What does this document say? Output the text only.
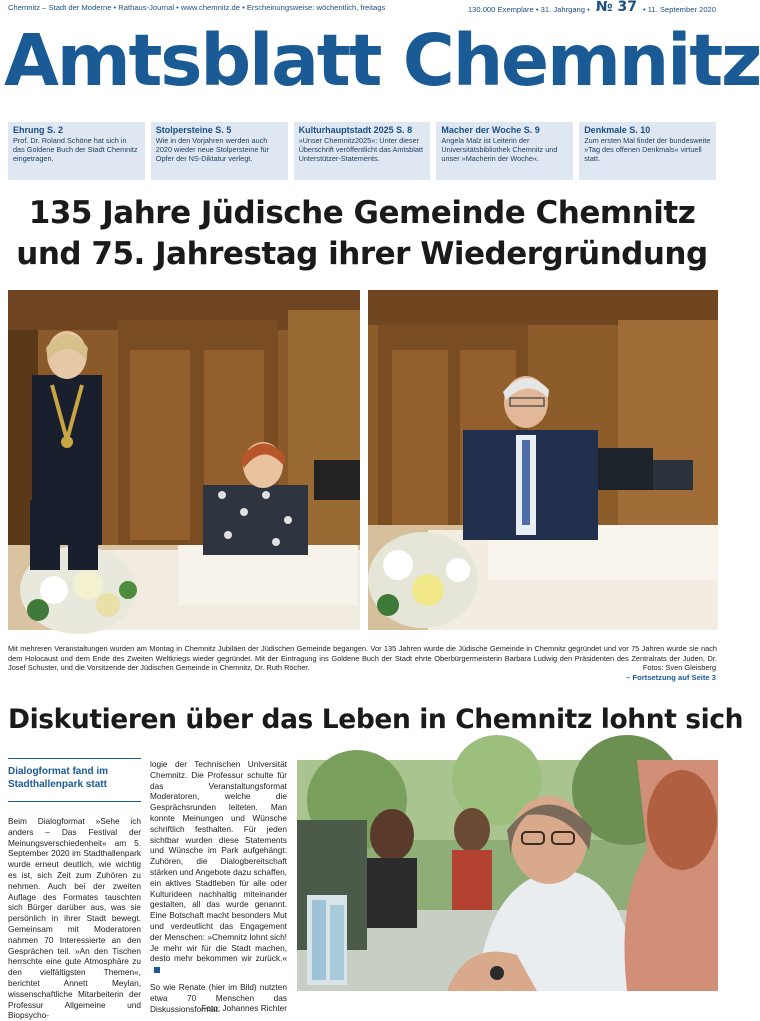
Chemnitz – Stadt der Moderne • Rathaus-Journal • www.chemnitz.de • Erscheinungsweise: wöchentlich, freitags	130.000 Exemplare • 31. Jahrgang • № 37 • 11. September 2020
Amtsblatt Chemnitz
Ehrung S. 2
Prof. Dr. Roland Schöne hat sich in das Goldene Buch der Stadt Chemnitz eingetragen.
Stolpersteine S. 5
Wie in den Vorjahren werden auch 2020 wieder neue Stolpersteine für Opfer der NS-Diktatur verlegt.
Kulturhauptstadt 2025 S. 8
»Unser Chemnitz2025«: Unter dieser Überschrift veröffentlicht das Amtsblatt Unterstützer-Statements.
Macher der Woche S. 9
Angela Malz ist Leiterin der Universitätsbibliothek Chemnitz und unser »Macherin der Woche«.
Denkmale S. 10
Zum ersten Mal findet der bundesweite »Tag des offenen Denkmals« virtuell statt.
135 Jahre Jüdische Gemeinde Chemnitz
und 75. Jahrestag ihrer Wiedergründung
Mit mehreren Veranstaltungen wurden am Montag in Chemnitz Jubiläen der Jüdischen Gemeinde begangen. Vor 135 Jahren wurde die Jüdische Gemeinde in Chemnitz gegründet und vor 75 Jahren wurde sie nach dem Holocaust und dem Ende des Zweiten Weltkriegs wieder gegründet. Mit der Eintragung ins Goldene Buch der Stadt ehrte Oberbürgermeisterin Barbara Ludwig den Präsidenten des Zentralrats der Juden, Dr. Josef Schuster, und die Vorsitzende der Jüdischen Gemeinde in Chemnitz, Dr. Ruth Röcher.	Fotos: Sven Gleisberg
– Fortsetzung auf Seite 3
Diskutieren über das Leben in Chemnitz lohnt sich
Dialogformat fand im Stadthallenpark statt
Beim Dialogformat »Sehe ich anders – Das Festival der Meinungsverschiedenheit« am 5. September 2020 im Stadthallenpark wurde erneut deutlich, wie wichtig es ist, sich Zeit zum Zuhören zu nehmen. Auch bei der zweiten Auflage des Formates tauschten sich Bürger darüber aus, was sie persönlich in ihrer Stadt bewegt. Gemeinsam mit Moderatoren nahmen 70 Interessierte an den Gesprächen teil. »An den Tischen herrschte eine gute Atmosphäre zu den vielfältigsten Themen«, berichtet Annett Meylan, wissenschaftliche Mitarbeiterin der Professur Allgemeine und Biopsycho-

logie der Technischen Universität Chemnitz. Die Professur schulte für das Veranstaltungsformat Moderatoren, welche die Gesprächsrunden leiteten. Man konnte Meinungen und Wünsche schriftlich festhalten. Für jeden sichtbar wurden diese Statements und Wünsche im Park aufgehängt: Zuhören, die Dialogbereitschaft stärken und Angebote dazu schaffen, ein aktives Stadtleben für alle oder Kulturideen nachhaltig miteinander gestalten, all das wurde genannt. Eine Botschaft macht besonders Mut und verdeutlicht das Engagement der Menschen: »Chemnitz lohnt sich! Je mehr wir für die Stadt machen, desto mehr bekommen wir zurück.«

So wie Renate (hier im Bild) nutzten etwa 70 Menschen das Diskussionsformat.

Foto: Johannes Richter
